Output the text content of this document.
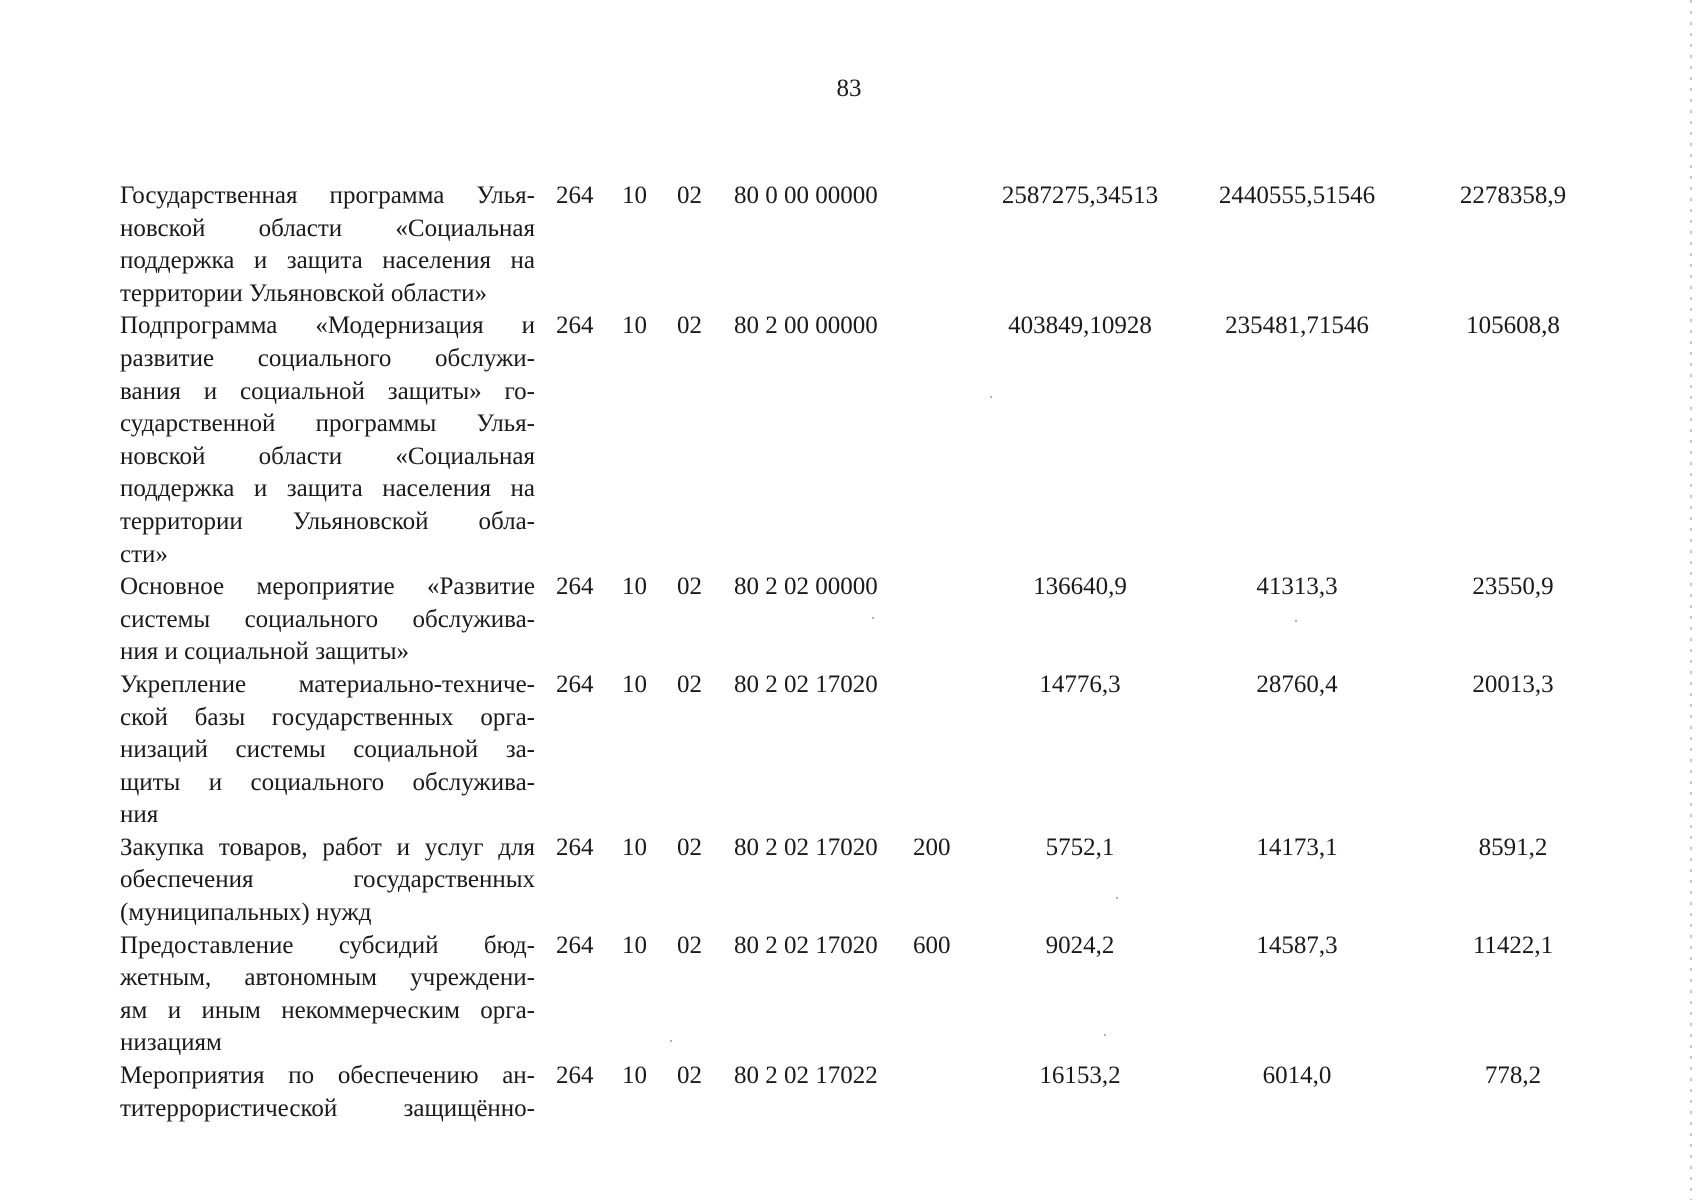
83
Государственная программа Улья-
новской области «Социальная
поддержка и защита населения на
территории Ульяновской области»
264 10 02 80 0 00 00000	2587275,34513	2440555,51546	2278358,9
Подпрограмма «Модернизация и
развитие социального обслужи-
вания и социальной защиты» го-
сударственной программы Улья-
новской области «Социальная
поддержка и защита населения на
территории Ульяновской обла-
сти»
264 10 02 80 2 00 00000	403849,10928	235481,71546	105608,8
Основное мероприятие «Развитие
системы социального обслужива-
ния и социальной защиты»
264 10 02 80 2 02 00000	136640,9	41313,3	23550,9
Укрепление материально-техниче-
ской базы государственных орга-
низаций системы социальной за-
щиты и социального обслужива-
ния
264 10 02 80 2 02 17020	14776,3	28760,4	20013,3
Закупка товаров, работ и услуг для
обеспечения государственных
(муниципальных) нужд
264 10 02 80 2 02 17020 200	5752,1	14173,1	8591,2
Предоставление субсидий бюд-
жетным, автономным учреждени-
ям и иным некоммерческим орга-
низациям
264 10 02 80 2 02 17020 600	9024,2	14587,3	11422,1
Мероприятия по обеспечению ан-
титеррористической защищённо-
264 10 02 80 2 02 17022	16153,2	6014,0	778,2
